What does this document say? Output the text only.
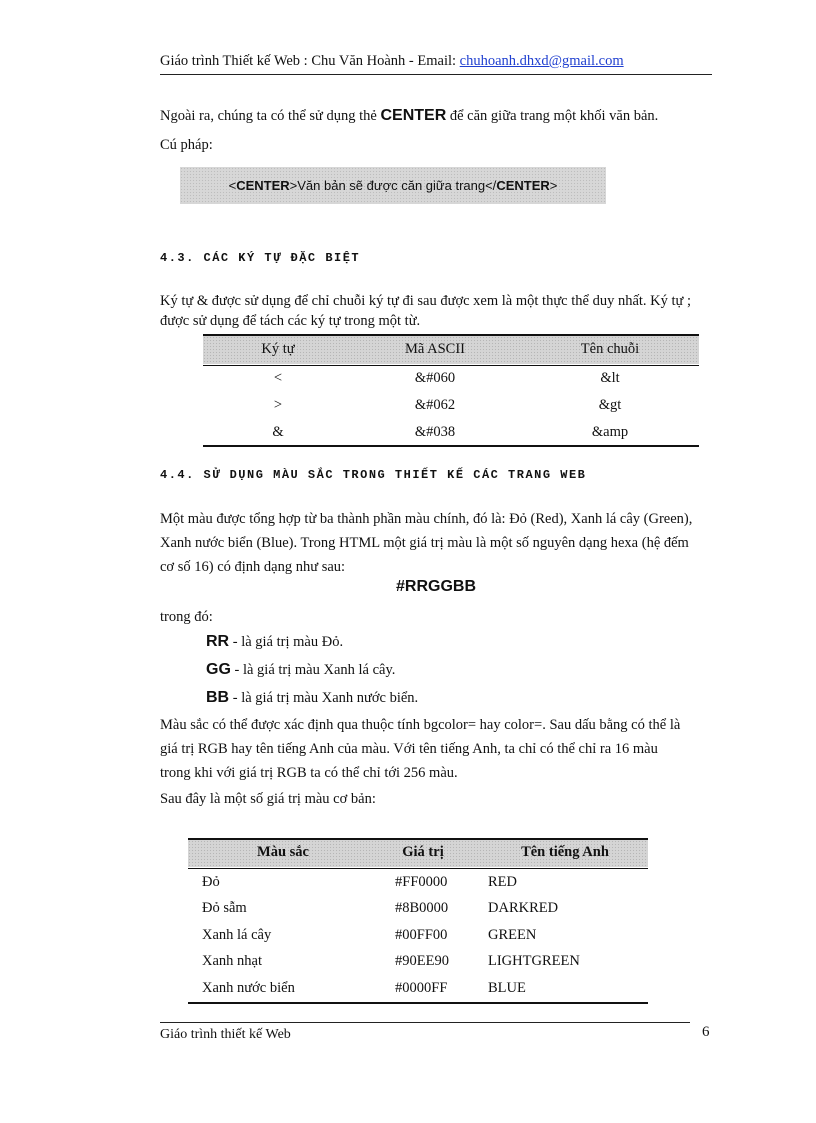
Giáo trình Thiết kế Web : Chu Văn Hoành - Email: chuhoanh.dhxd@gmail.com
Ngoài ra, chúng ta có thể sử dụng thẻ CENTER để căn giữa trang một khối văn bản.
Cú pháp:
<CENTER>Văn bản sẽ được căn giữa trang</CENTER>
4.3. CÁC KÝ TỰ ĐẶC BIỆT
Ký tự & được sử dụng để chỉ chuỗi ký tự đi sau được xem là một thực thể duy nhất. Ký tự ;
được sử dụng để tách các ký tự trong một từ.
Ký tự	Mã ASCII	Tên chuỗi
<	&#060	&lt
>	&#062	&gt
&	&#038	&amp
4.4. SỬ DỤNG MÀU SẮC TRONG THIẾT KẾ CÁC TRANG WEB
Một màu được tổng hợp từ ba thành phần màu chính, đó là: Đỏ (Red), Xanh lá cây (Green),
Xanh nước biển (Blue). Trong HTML một giá trị màu là một số nguyên dạng hexa (hệ đếm
cơ số 16) có định dạng như sau:
#RRGGBB
trong đó:
RR - là giá trị màu Đỏ.
GG - là giá trị màu Xanh lá cây.
BB - là giá trị màu Xanh nước biển.
Màu sắc có thể được xác định qua thuộc tính bgcolor= hay color=. Sau dấu bằng có thể là
giá trị RGB hay tên tiếng Anh của màu. Với tên tiếng Anh, ta chỉ có thể chỉ ra 16 màu
trong khi với giá trị RGB ta có thể chỉ tới 256 màu.
Sau đây là một số giá trị màu cơ bản:
Màu sắc	Giá trị	Tên tiếng Anh
Đỏ	#FF0000	RED
Đỏ sẫm	#8B0000	DARKRED
Xanh lá cây	#00FF00	GREEN
Xanh nhạt	#90EE90	LIGHTGREEN
Xanh nước biển	#0000FF	BLUE
Giáo trình thiết kế Web	6
